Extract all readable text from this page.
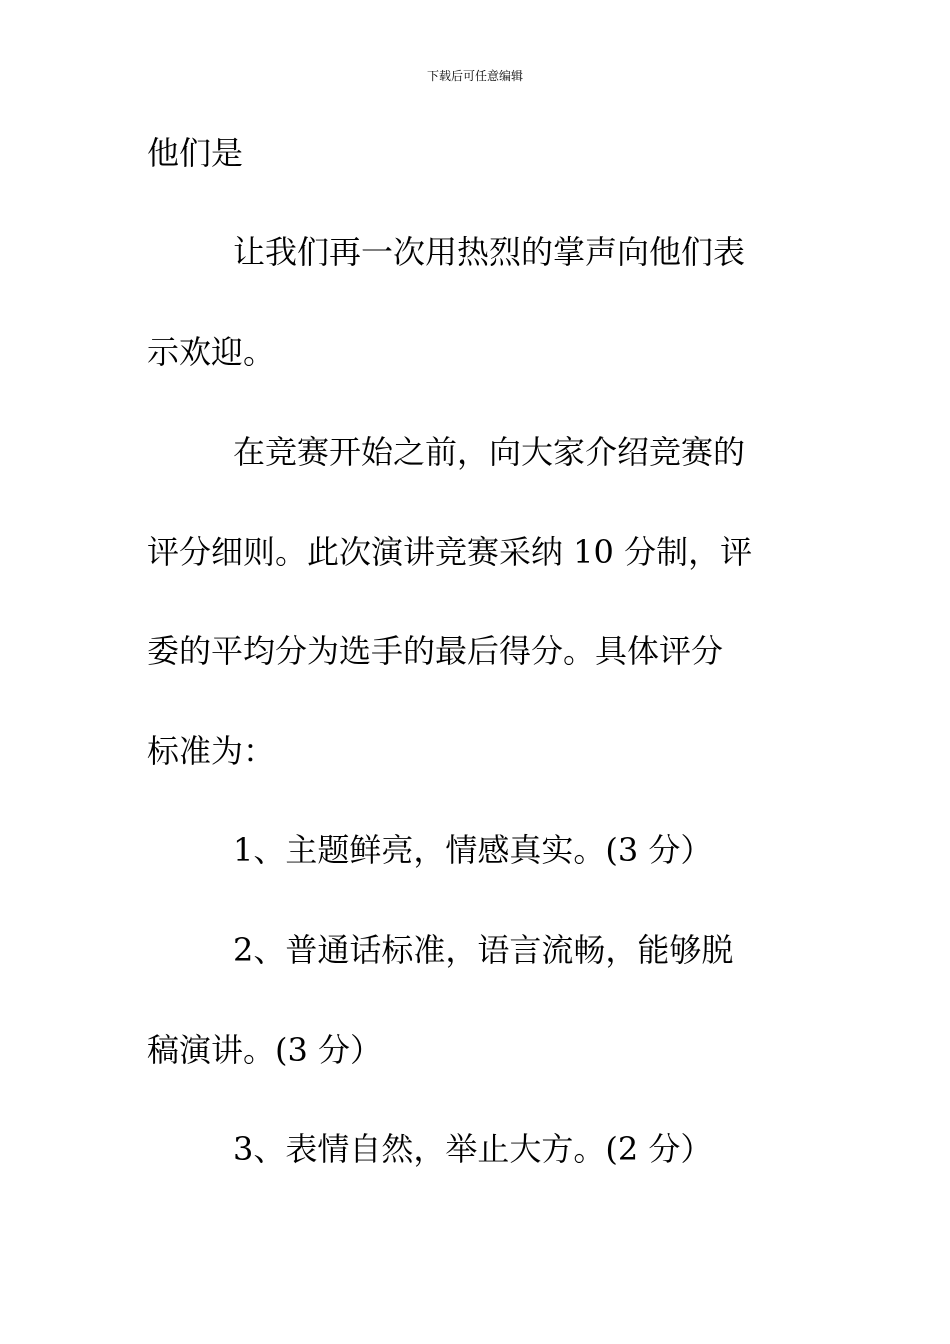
下载后可任意编辑
他们是
让我们再一次用热烈的掌声向他们表
示欢迎。
在竞赛开始之前，向大家介绍竞赛的
评分细则。此次演讲竞赛采纳 10 分制，评
委的平均分为选手的最后得分。具体评分
标准为：
1、主题鲜亮，情感真实。(3 分）
2、普通话标准，语言流畅，能够脱
稿演讲。(3 分）
3、表情自然，举止大方。(2 分）
